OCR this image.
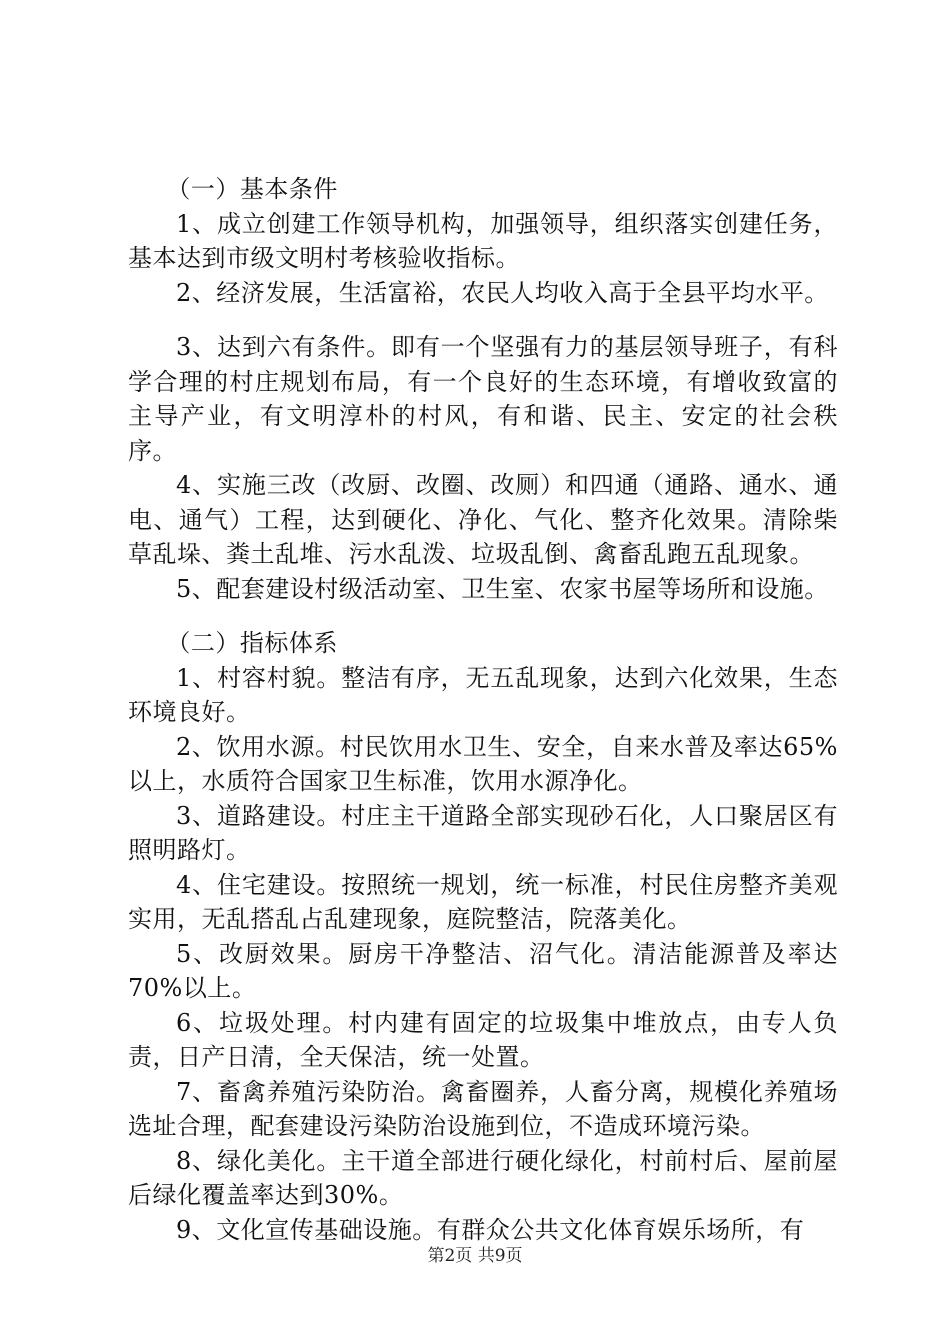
（一）基本条件

1、成立创建工作领导机构，加强领导，组织落实创建任务，基本达到市级文明村考核验收指标。

2、经济发展，生活富裕，农民人均收入高于全县平均水平。

3、达到六有条件。即有一个坚强有力的基层领导班子，有科学合理的村庄规划布局，有一个良好的生态环境，有增收致富的主导产业，有文明淳朴的村风，有和谐、民主、安定的社会秩序。

4、实施三改（改厨、改圈、改厕）和四通（通路、通水、通电、通气）工程，达到硬化、净化、气化、整齐化效果。清除柴草乱垛、粪土乱堆、污水乱泼、垃圾乱倒、禽畜乱跑五乱现象。

5、配套建设村级活动室、卫生室、农家书屋等场所和设施。

（二）指标体系

1、村容村貌。整洁有序，无五乱现象，达到六化效果，生态环境良好。

2、饮用水源。村民饮用水卫生、安全，自来水普及率达65%以上，水质符合国家卫生标准，饮用水源净化。

3、道路建设。村庄主干道路全部实现砂石化，人口聚居区有照明路灯。

4、住宅建设。按照统一规划，统一标准，村民住房整齐美观实用，无乱搭乱占乱建现象，庭院整洁，院落美化。

5、改厨效果。厨房干净整洁、沼气化。清洁能源普及率达70%以上。

6、垃圾处理。村内建有固定的垃圾集中堆放点，由专人负责，日产日清，全天保洁，统一处置。

7、畜禽养殖污染防治。禽畜圈养，人畜分离，规模化养殖场选址合理，配套建设污染防治设施到位，不造成环境污染。

8、绿化美化。主干道全部进行硬化绿化，村前村后、屋前屋后绿化覆盖率达到30%。

9、文化宣传基础设施。有群众公共文化体育娱乐场所，有

第2页 共9页
